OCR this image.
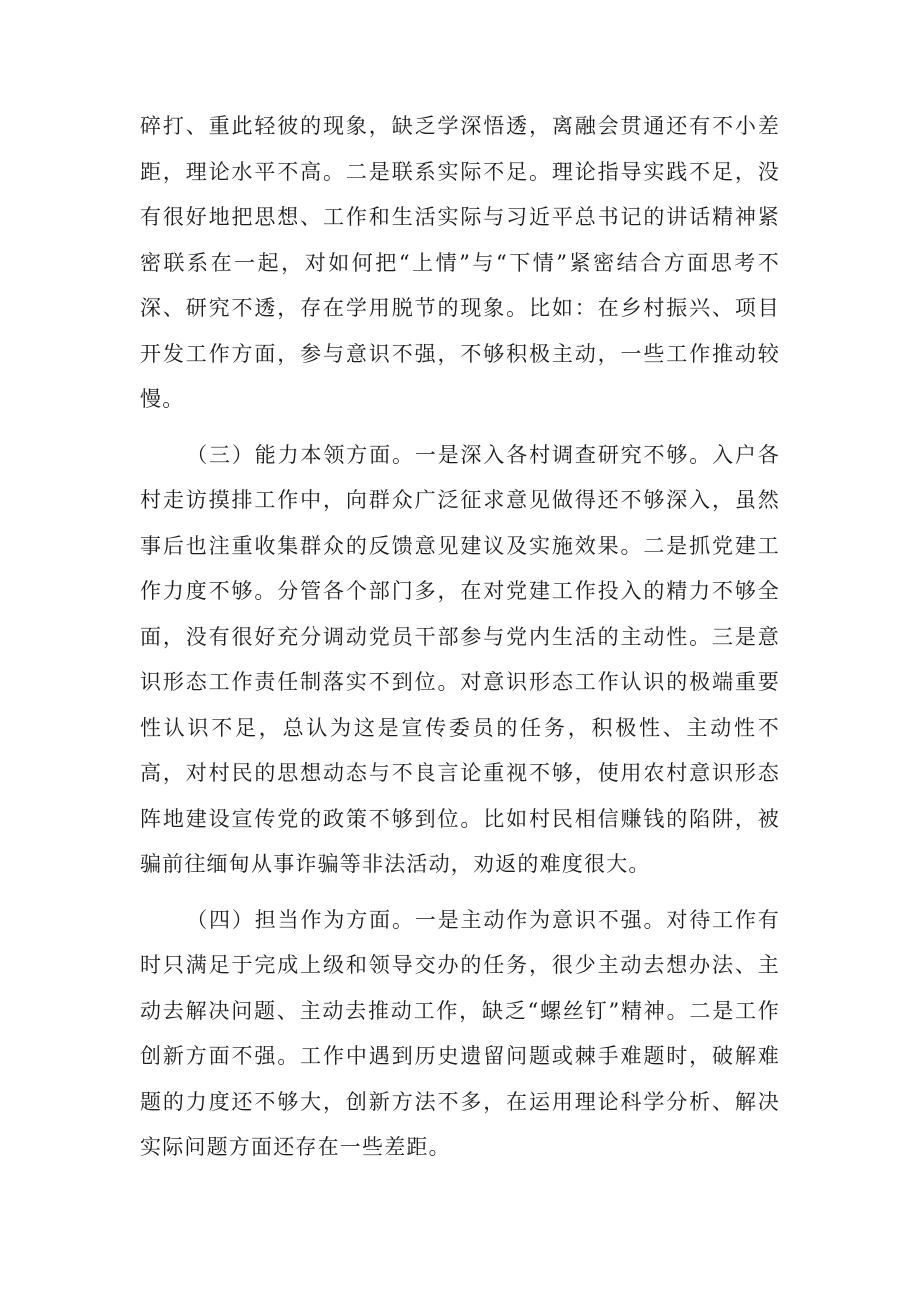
碎打、重此轻彼的现象，缺乏学深悟透，离融会贯通还有不小差距，理论水平不高。二是联系实际不足。理论指导实践不足，没有很好地把思想、工作和生活实际与习近平总书记的讲话精神紧密联系在一起，对如何把“上情”与“下情”紧密结合方面思考不深、研究不透，存在学用脱节的现象。比如：在乡村振兴、项目开发工作方面，参与意识不强，不够积极主动，一些工作推动较慢。

（三）能力本领方面。一是深入各村调查研究不够。入户各村走访摸排工作中，向群众广泛征求意见做得还不够深入，虽然事后也注重收集群众的反馈意见建议及实施效果。二是抓党建工作力度不够。分管各个部门多，在对党建工作投入的精力不够全面，没有很好充分调动党员干部参与党内生活的主动性。三是意识形态工作责任制落实不到位。对意识形态工作认识的极端重要性认识不足，总认为这是宣传委员的任务，积极性、主动性不高，对村民的思想动态与不良言论重视不够，使用农村意识形态阵地建设宣传党的政策不够到位。比如村民相信赚钱的陷阱，被骗前往缅甸从事诈骗等非法活动，劝返的难度很大。

（四）担当作为方面。一是主动作为意识不强。对待工作有时只满足于完成上级和领导交办的任务，很少主动去想办法、主动去解决问题、主动去推动工作，缺乏“螺丝钉”精神。二是工作创新方面不强。工作中遇到历史遗留问题或棘手难题时，破解难题的力度还不够大，创新方法不多，在运用理论科学分析、解决实际问题方面还存在一些差距。
